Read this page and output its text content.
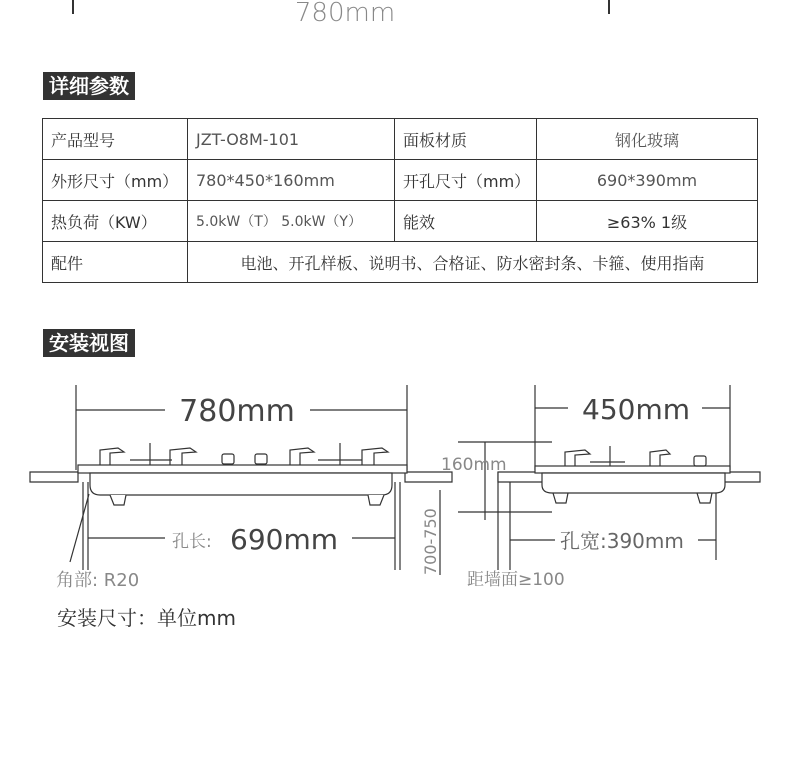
780mm
详细参数
产品型号	JZT-O8M-101	面板材质	钢化玻璃
外形尺寸（mm）	780*450*160mm	开孔尺寸（mm）	690*390mm
热负荷（KW）	5.0kW（T） 5.0kW（Y）	能效	≥63% 1级
配件	电池、开孔样板、说明书、合格证、防水密封条、卡箍、使用指南		
安装视图
780mm	450mm
160mm
孔长: 690mm	孔宽:390mm
700-750
角部: R20	距墙面≥100
安装尺寸：单位mm
